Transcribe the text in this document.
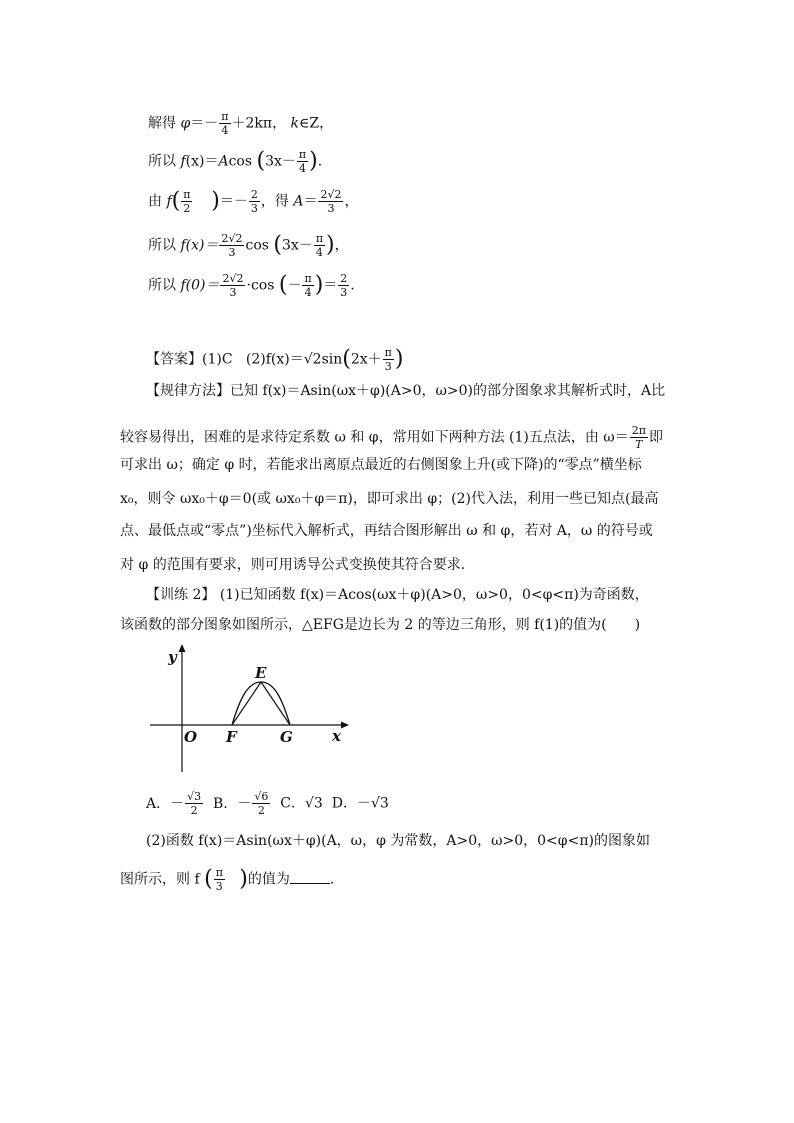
解得 $\varphi=- \frac{\pi}{4} +2k\pi$， k∈Z，
所以 f(x)＝Acos ($3x- \frac{\pi}{4}$ ).
由 $f( \frac{\pi}{2}$ )＝－ $\frac{2}{3}$ ，得 $A= \frac{2√2}{3}$ ，
所以 $f(x)= \frac{2√2}{3}$ $\cos (3x- \frac{\pi}{4}$ )，
所以 $f(0)= \frac{2√2}{3} \cdot\cos$ (－ $\frac{\pi}{4}$ )＝ $\frac{2}{3}$ .
【答案】(1)C $(2)f(x)=√2\sin(2x+ \frac{\pi}{3}$ )
【规律方法】已知 f(x)＝Asin(ωx＋φ)(A>0，ω>0)的部分图象求其解析式时，A比
较容易得出，困难的是求待定系数 ω 和 φ，常用如下两种方法 (1)五点法，由 $\omega= \frac{2\pi}{T}$ 即
可求出 ω；确定 φ 时，若能求出离原点最近的右侧图象上升(或下降)的“零点”横坐标
x₀，则令 ωx₀＋φ＝0(或 ωx₀＋φ＝π)，即可求出 φ；(2)代入法，利用一些已知点(最高
点、最低点或“零点”)坐标代入解析式，再结合图形解出 ω 和 φ，若对 A，ω 的符号或
对 φ 的范围有要求，则可用诱导公式变换使其符合要求．
【训练 2】 (1)已知函数 f(x)＝Acos(ωx＋φ)(A>0，ω>0，0<φ<π)为奇函数，
该函数的部分图象如图所示，△EFG是边长为 2 的等边三角形，则 f(1)的值为(　　)
y
x
O F	G
E
A．－ $\frac{√3}{2}$ B．－ $\frac{√6}{2}$ C．√3 D．－√3
(2)函数 f(x)＝Asin(ωx＋φ)(A，ω，φ 为常数，A>0，ω>0，0<φ<π)的图象如
图所示，则 f ( $\frac{\pi}{3}$ )的值为	．
